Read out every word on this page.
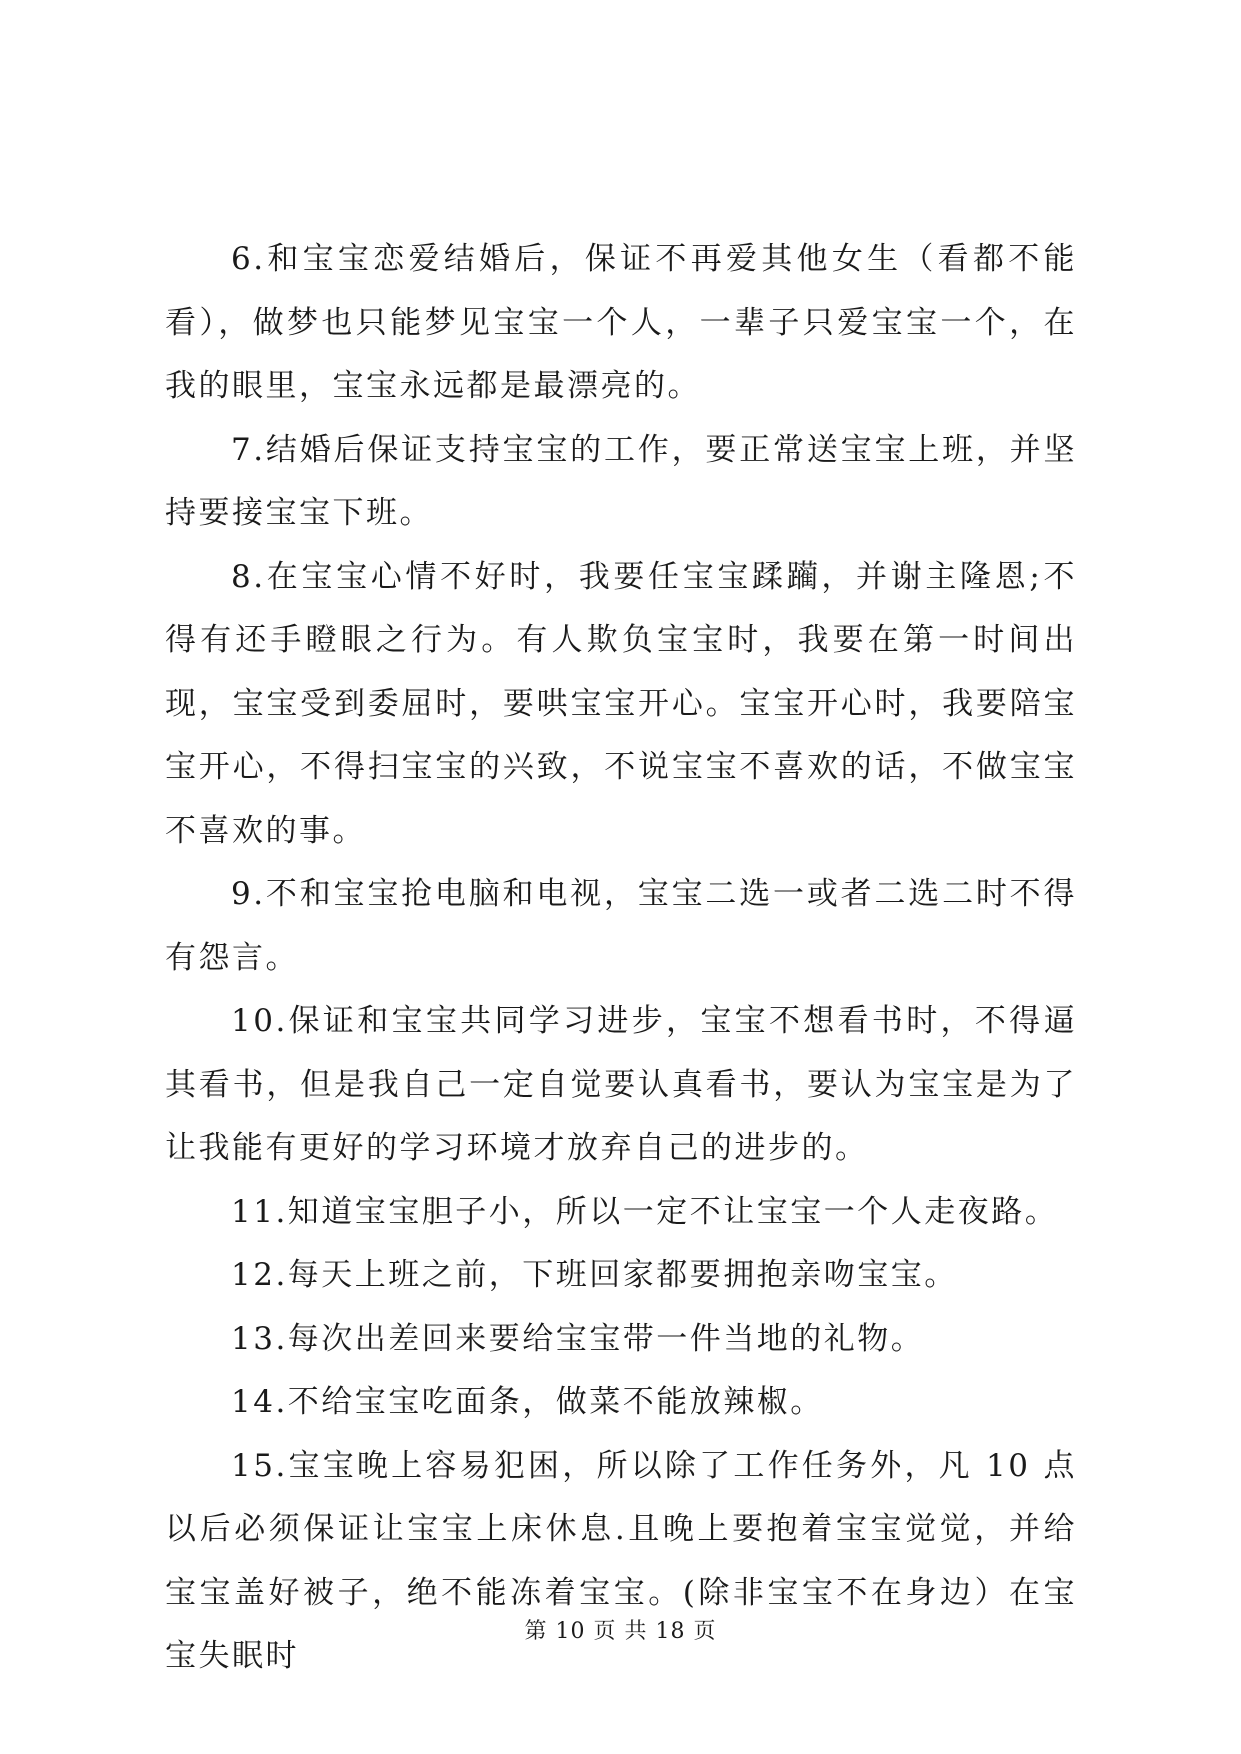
6.和宝宝恋爱结婚后，保证不再爱其他女生（看都不能看），做梦也只能梦见宝宝一个人，一辈子只爱宝宝一个，在我的眼里，宝宝永远都是最漂亮的。

7.结婚后保证支持宝宝的工作，要正常送宝宝上班，并坚持要接宝宝下班。

8.在宝宝心情不好时，我要任宝宝蹂躏，并谢主隆恩;不得有还手瞪眼之行为。有人欺负宝宝时，我要在第一时间出现，宝宝受到委屈时，要哄宝宝开心。宝宝开心时，我要陪宝宝开心，不得扫宝宝的兴致，不说宝宝不喜欢的话，不做宝宝不喜欢的事。

9.不和宝宝抢电脑和电视，宝宝二选一或者二选二时不得有怨言。

10.保证和宝宝共同学习进步，宝宝不想看书时，不得逼其看书，但是我自己一定自觉要认真看书，要认为宝宝是为了让我能有更好的学习环境才放弃自己的进步的。

11.知道宝宝胆子小，所以一定不让宝宝一个人走夜路。

12.每天上班之前，下班回家都要拥抱亲吻宝宝。

13.每次出差回来要给宝宝带一件当地的礼物。

14.不给宝宝吃面条，做菜不能放辣椒。

15.宝宝晚上容易犯困，所以除了工作任务外，凡 10 点以后必须保证让宝宝上床休息.且晚上要抱着宝宝觉觉，并给宝宝盖好被子，绝不能冻着宝宝。(除非宝宝不在身边）在宝宝失眠时

第 10 页 共 18 页
